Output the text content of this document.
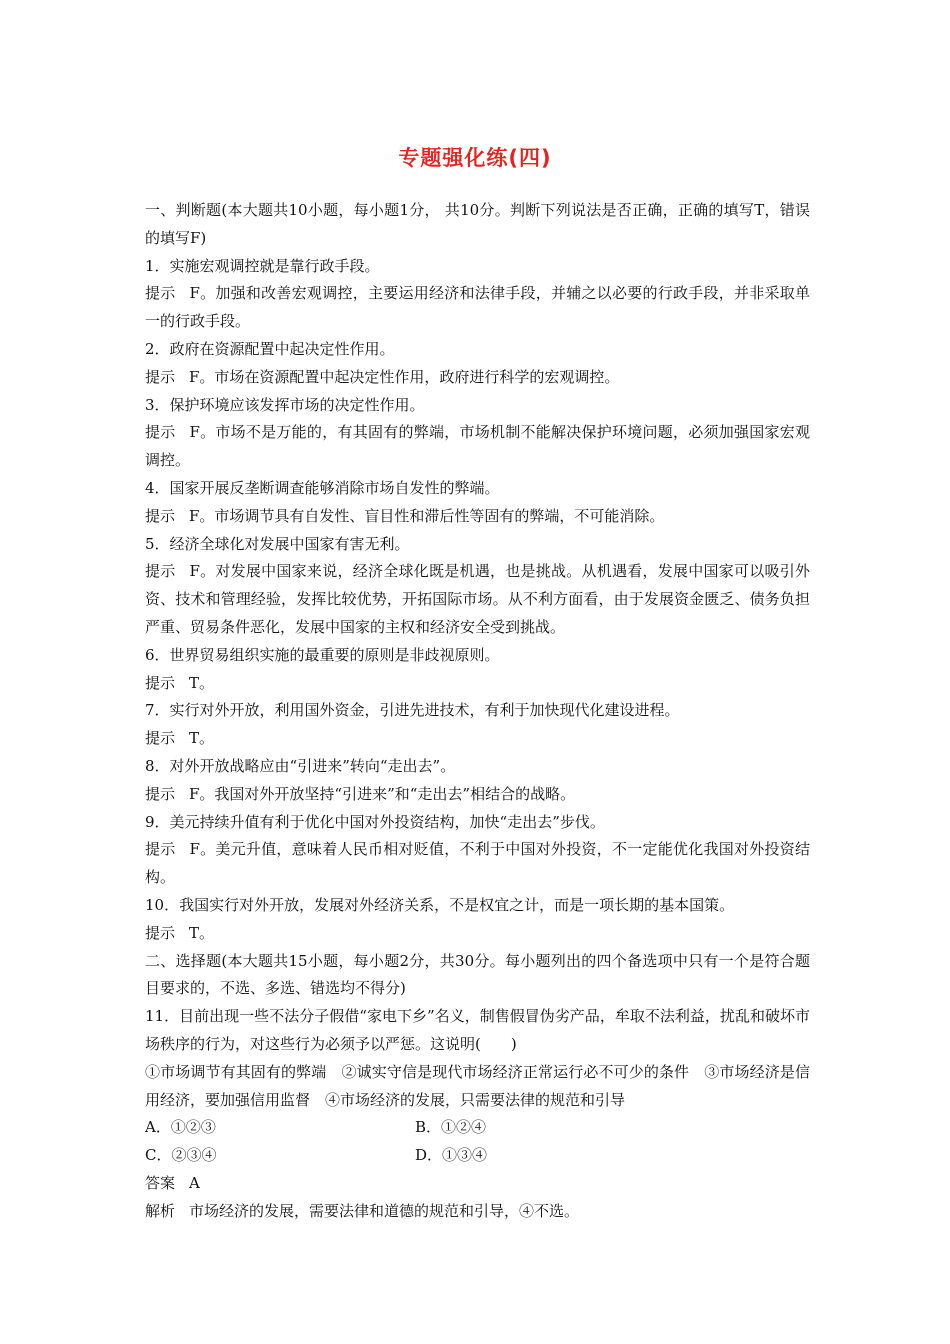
专题强化练(四)

一、判断题(本大题共10小题，每小题1分， 共10分。判断下列说法是否正确，正确的填写T，错误的填写F)

1．实施宏观调控就是靠行政手段。

提示 F。加强和改善宏观调控，主要运用经济和法律手段，并辅之以必要的行政手段，并非采取单一的行政手段。

2．政府在资源配置中起决定性作用。

提示 F。市场在资源配置中起决定性作用，政府进行科学的宏观调控。

3．保护环境应该发挥市场的决定性作用。

提示 F。市场不是万能的，有其固有的弊端，市场机制不能解决保护环境问题，必须加强国家宏观调控。

4．国家开展反垄断调查能够消除市场自发性的弊端。

提示 F。市场调节具有自发性、盲目性和滞后性等固有的弊端，不可能消除。

5．经济全球化对发展中国家有害无利。

提示 F。对发展中国家来说，经济全球化既是机遇，也是挑战。从机遇看，发展中国家可以吸引外资、技术和管理经验，发挥比较优势，开拓国际市场。从不利方面看，由于发展资金匮乏、债务负担严重、贸易条件恶化，发展中国家的主权和经济安全受到挑战。

6．世界贸易组织实施的最重要的原则是非歧视原则。

提示 T。

7．实行对外开放，利用国外资金，引进先进技术，有利于加快现代化建设进程。

提示 T。

8．对外开放战略应由“引进来”转向“走出去”。

提示 F。我国对外开放坚持“引进来”和“走出去”相结合的战略。

9．美元持续升值有利于优化中国对外投资结构，加快“走出去”步伐。

提示 F。美元升值，意味着人民币相对贬值，不利于中国对外投资，不一定能优化我国对外投资结构。

10．我国实行对外开放，发展对外经济关系，不是权宜之计，而是一项长期的基本国策。

提示 T。

二、选择题(本大题共15小题，每小题2分，共30分。每小题列出的四个备选项中只有一个是符合题目要求的，不选、多选、错选均不得分)

11．目前出现一些不法分子假借“家电下乡”名义，制售假冒伪劣产品，牟取不法利益，扰乱和破坏市场秩序的行为，对这些行为必须予以严惩。这说明(　　)

①市场调节有其固有的弊端　②诚实守信是现代市场经济正常运行必不可少的条件　③市场经济是信用经济，要加强信用监督　④市场经济的发展，只需要法律的规范和引导

A．①②③	B．①②④

C．②③④	D．①③④

答案 A

解析 市场经济的发展，需要法律和道德的规范和引导，④不选。
